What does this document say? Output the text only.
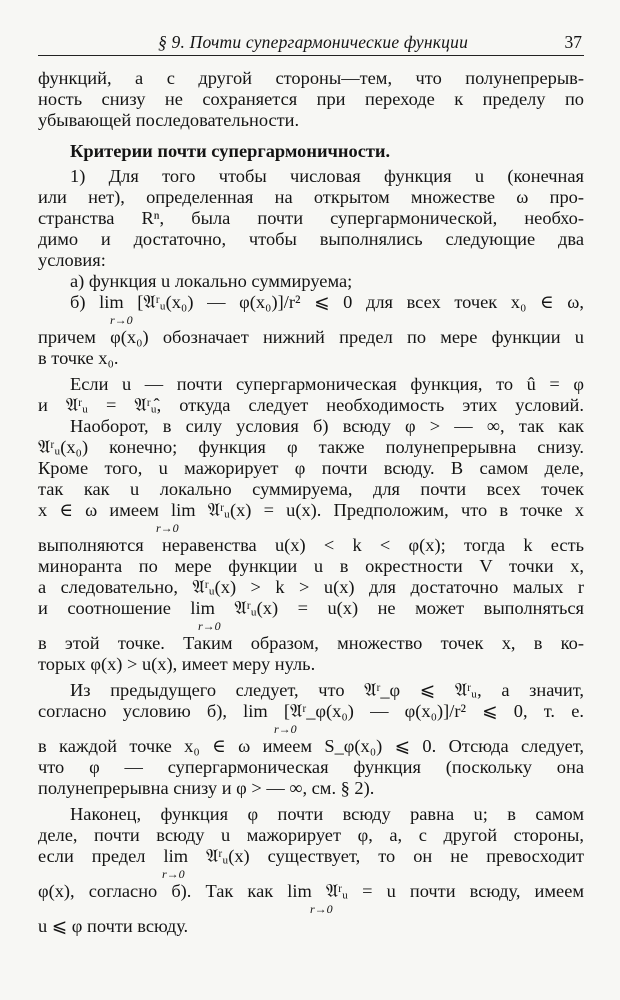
§ 9. Почти супергармонические функции	37

функций, а с другой стороны—тем, что полунепрерыв-

ность снизу не сохраняется при переходе к пределу по

убывающей последовательности.

Критерии почти супергармоничности.

1) Для того чтобы числовая функция u (конечная

или нет), определенная на открытом множестве ω про-

странства Rⁿ, была почти супергармонической, необхо-

димо и достаточно, чтобы выполнялись следующие два

условия:

а) функция u локально суммируема;

б) lim [𝔄ʳᵤ(x₀) — φ(x₀)]/r² ⩽ 0 для всех точек x₀ ∈ ω,

r→0

причем φ(x₀) обозначает нижний предел по мере функции u

в точке x₀.

Если u — почти супергармоническая функция, то û = φ

и 𝔄ʳᵤ = 𝔄ʳᵤ̂, откуда следует необходимость этих условий.

Наоборот, в силу условия б) всюду φ > — ∞, так как

𝔄ʳᵤ(x₀) конечно; функция φ также полунепрерывна снизу.

Кроме того, u мажорирует φ почти всюду. В самом деле,

так как u локально суммируема, для почти всех точек

x ∈ ω имеем lim 𝔄ʳᵤ(x) = u(x). Предположим, что в точке x

r→0

выполняются неравенства u(x) < k < φ(x); тогда k есть

миноранта по мере функции u в окрестности V точки x,

а следовательно, 𝔄ʳᵤ(x) > k > u(x) для достаточно малых r

и соотношение lim 𝔄ʳᵤ(x) = u(x) не может выполняться

r→0

в этой точке. Таким образом, множество точек x, в ко-

торых φ(x) > u(x), имеет меру нуль.

Из предыдущего следует, что 𝔄ʳ_φ ⩽ 𝔄ʳᵤ, а значит,

согласно условию б), lim [𝔄ʳ_φ(x₀) — φ(x₀)]/r² ⩽ 0, т. е.

r→0

в каждой точке x₀ ∈ ω имеем S_φ(x₀) ⩽ 0. Отсюда следует,

что φ — супергармоническая функция (поскольку она

полунепрерывна снизу и φ > — ∞, см. § 2).

Наконец, функция φ почти всюду равна u; в самом

деле, почти всюду u мажорирует φ, а, с другой стороны,

если предел lim 𝔄ʳᵤ(x) существует, то он не превосходит

r→0

φ(x), согласно б). Так как lim 𝔄ʳᵤ = u почти всюду, имеем

r→0

u ⩽ φ почти всюду.
